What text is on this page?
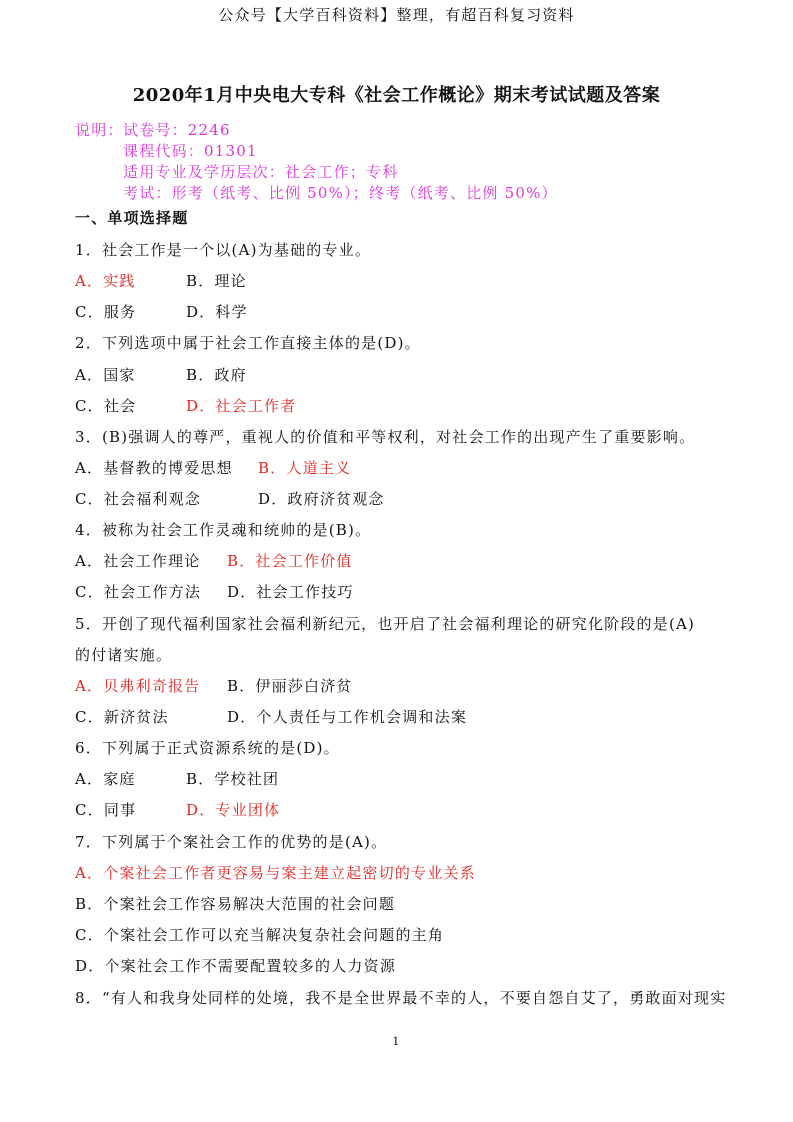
公众号【大学百科资料】整理，有超百科复习资料
2020年1月中央电大专科《社会工作概论》期末考试试题及答案
说明： 试卷号：2246
课程代码：01301
适用专业及学历层次：社会工作；专科
考试：形考（纸考、比例 50%）；终考（纸考、比例 50%）
一、单项选择题
1．社会工作是一个以(A)为基础的专业。
A．实践	B．理论
C．服务	D．科学
2．下列选项中属于社会工作直接主体的是(D)。
A．国家	B．政府
C．社会	D．社会工作者
3．(B)强调人的尊严，重视人的价值和平等权利，对社会工作的出现产生了重要影响。
A．基督教的博爱思想 B．人道主义
C．社会福利观念	D．政府济贫观念
4．被称为社会工作灵魂和统帅的是(B)。
A．社会工作理论 B．社会工作价值
C．社会工作方法 D．社会工作技巧
5．开创了现代福利国家社会福利新纪元，也开启了社会福利理论的研究化阶段的是(A)
的付诸实施。
A．贝弗利奇报告 B．伊丽莎白济贫
C．新济贫法	D．个人责任与工作机会调和法案
6．下列属于正式资源系统的是(D)。
A．家庭	B．学校社团
C．同事	D．专业团体
7．下列属于个案社会工作的优势的是(A)。
A．个案社会工作者更容易与案主建立起密切的专业关系
B．个案社会工作容易解决大范围的社会问题
C．个案社会工作可以充当解决复杂社会问题的主角
D．个案社会工作不需要配置较多的人力资源
8．“有人和我身处同样的处境，我不是全世界最不幸的人，不要自怨自艾了，勇敢面对现实
1
